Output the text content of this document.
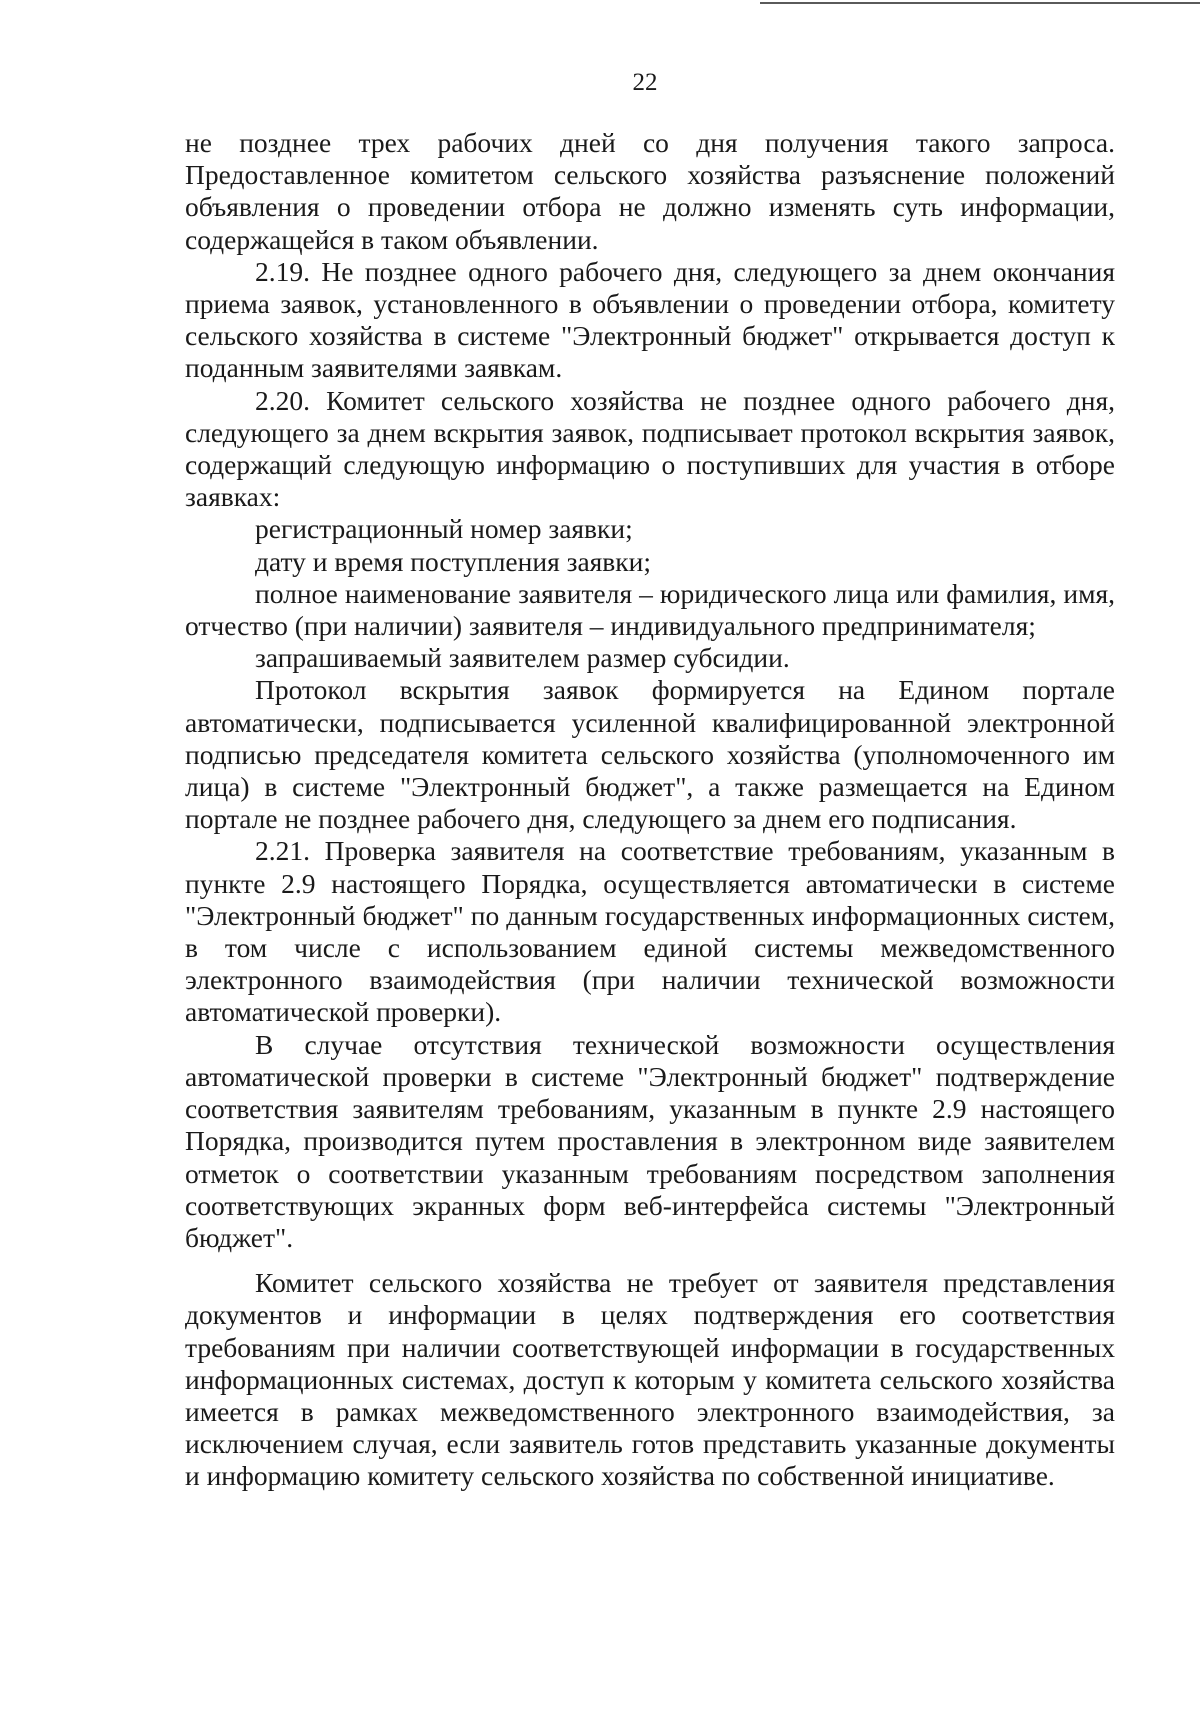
22

не позднее трех рабочих дней со дня получения такого запроса. Предоставленное комитетом сельского хозяйства разъяснение положений объявления о проведении отбора не должно изменять суть информации, содержащейся в таком объявлении.

2.19. Не позднее одного рабочего дня, следующего за днем окончания приема заявок, установленного в объявлении о проведении отбора, комитету сельского хозяйства в системе "Электронный бюджет" открывается доступ к поданным заявителями заявкам.

2.20. Комитет сельского хозяйства не позднее одного рабочего дня, следующего за днем вскрытия заявок, подписывает протокол вскрытия заявок, содержащий следующую информацию о поступивших для участия в отборе заявках:

регистрационный номер заявки;

дату и время поступления заявки;

полное наименование заявителя – юридического лица или фамилия, имя, отчество (при наличии) заявителя – индивидуального предпринимателя;

запрашиваемый заявителем размер субсидии.

Протокол вскрытия заявок формируется на Едином портале автоматически, подписывается усиленной квалифицированной электронной подписью председателя комитета сельского хозяйства (уполномоченного им лица) в системе "Электронный бюджет", а также размещается на Едином портале не позднее рабочего дня, следующего за днем его подписания.

2.21. Проверка заявителя на соответствие требованиям, указанным в пункте 2.9 настоящего Порядка, осуществляется автоматически в системе "Электронный бюджет" по данным государственных информационных систем, в том числе с использованием единой системы межведомственного электронного взаимодействия (при наличии технической возможности автоматической проверки).

В случае отсутствия технической возможности осуществления автоматической проверки в системе "Электронный бюджет" подтверждение соответствия заявителям требованиям, указанным в пункте 2.9 настоящего Порядка, производится путем проставления в электронном виде заявителем отметок о соответствии указанным требованиям посредством заполнения соответствующих экранных форм веб-интерфейса системы "Электронный бюджет".

Комитет сельского хозяйства не требует от заявителя представления документов и информации в целях подтверждения его соответствия требованиям при наличии соответствующей информации в государственных информационных системах, доступ к которым у комитета сельского хозяйства имеется в рамках межведомственного электронного взаимодействия, за исключением случая, если заявитель готов представить указанные документы и информацию комитету сельского хозяйства по собственной инициативе.
